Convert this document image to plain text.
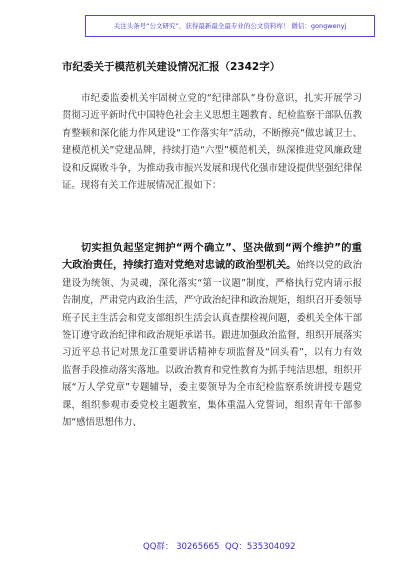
关注头条号“公文研究”，获得最新最全最专业的公文资料库！ 微信：gongwenyj
市纪委关于模范机关建设情况汇报（2342字）

市纪委监委机关牢固树立党的“纪律部队”身份意识，扎实开展学习贯彻习近平新时代中国特色社会主义思想主题教育、纪检监察干部队伍教育整顿和深化能力作风建设“工作落实年”活动，不断擦亮“做忠诚卫士、建模范机关”党建品牌，持续打造“六型”模范机关，纵深推进党风廉政建设和反腐败斗争，为推动我市振兴发展和现代化强市建设提供坚强纪律保证。现将有关工作进展情况汇报如下：

切实担负起坚定拥护“两个确立”、坚决做到“两个维护”的重大政治责任，持续打造对党绝对忠诚的政治型机关。始终以党的政治建设为统领、为灵魂，深化落实“第一议题”制度，严格执行党内请示报告制度，严肃党内政治生活，严守政治纪律和政治规矩，组织召开委领导班子民主生活会和党支部组织生活会认真查摆检视问题，委机关全体干部签订遵守政治纪律和政治规矩承诺书。跟进加强政治监督，组织开展落实习近平总书记对黑龙江重要讲话精神专项监督及“回头看”，以有力有效监督手段推动落实落地。以政治教育和党性教育为抓手纯洁思想，组织开展“万人学党章”专题辅导，委主要领导为全市纪检监察系统讲授专题党课，组织参观市委党校主题教室，集体重温入党誓词，组织青年干部参加“感悟思想伟力、

QQ群： 30265665 QQ：535304092
